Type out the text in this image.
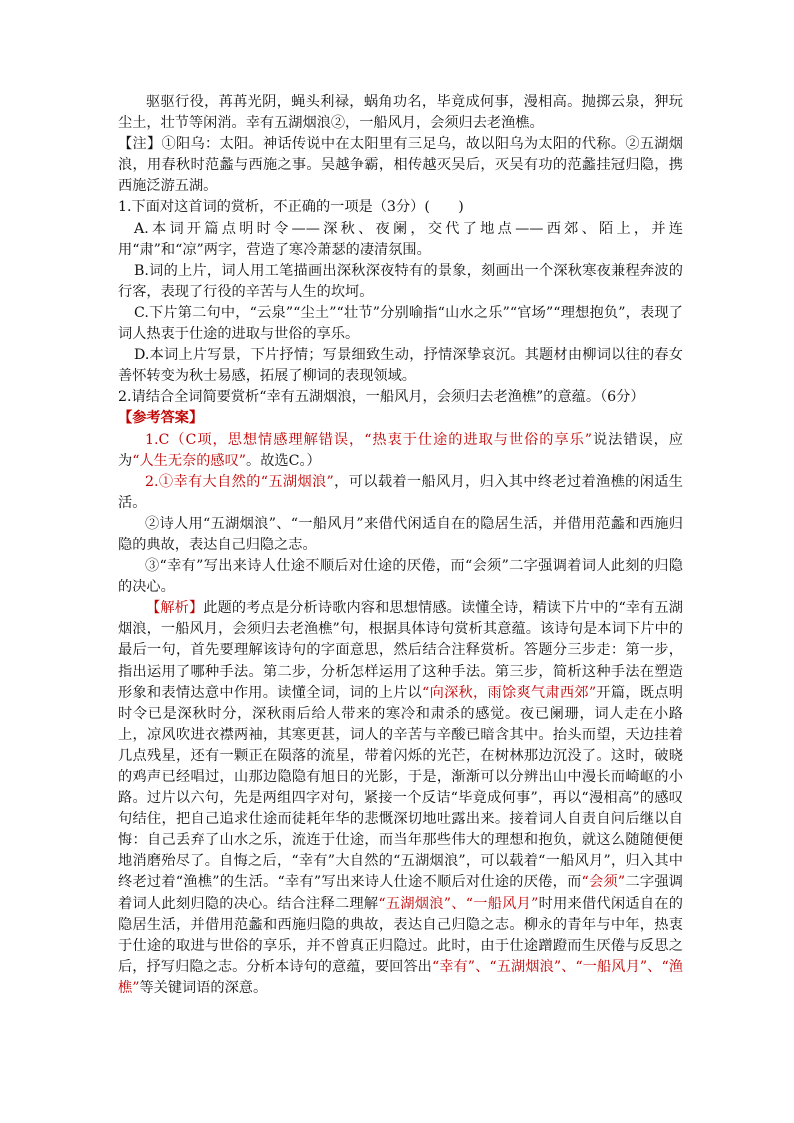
驱驱行役，苒苒光阴，蝇头利禄，蜗角功名，毕竟成何事，漫相高。抛掷云泉，狎玩尘土，壮节等闲消。幸有五湖烟浪②，一船风月，会须归去老渔樵。

【注】①阳乌：太阳。神话传说中在太阳里有三足乌，故以阳乌为太阳的代称。②五湖烟浪，用春秋时范蠡与西施之事。吴越争霸，相传越灭吴后，灭吴有功的范蠡挂冠归隐，携西施泛游五湖。

1.下面对这首词的赏析，不正确的一项是（3分）(　　)

A.本词开篇点明时令——深秋、夜阑，交代了地点——西郊、陌上，并连用“肃”和“凉”两字，营造了寒冷萧瑟的凄清氛围。

B.词的上片，词人用工笔描画出深秋深夜特有的景象，刻画出一个深秋寒夜兼程奔波的行客，表现了行役的辛苦与人生的坎坷。

C.下片第二句中，“云泉”“尘土”“壮节”分别喻指“山水之乐”“官场”“理想抱负”，表现了词人热衷于仕途的进取与世俗的享乐。

D.本词上片写景，下片抒情；写景细致生动，抒情深挚哀沉。其题材由柳词以往的春女善怀转变为秋士易感，拓展了柳词的表现领域。

2.请结合全词简要赏析“幸有五湖烟浪，一船风月，会须归去老渔樵”的意蕴。（6分）

【参考答案】

1.C（C项，思想情感理解错误，“热衷于仕途的进取与世俗的享乐”说法错误，应为“人生无奈的感叹”。故选C。）

2.①幸有大自然的“五湖烟浪”，可以载着一船风月，归入其中终老过着渔樵的闲适生活。

②诗人用“五湖烟浪”、“一船风月”来借代闲适自在的隐居生活，并借用范蠡和西施归隐的典故，表达自己归隐之志。

③“幸有”写出来诗人仕途不顺后对仕途的厌倦，而“会须”二字强调着词人此刻的归隐的决心。

【解析】此题的考点是分析诗歌内容和思想情感。读懂全诗，精读下片中的“幸有五湖烟浪，一船风月，会须归去老渔樵”句，根据具体诗句赏析其意蕴。该诗句是本词下片中的最后一句，首先要理解该诗句的字面意思，然后结合注释赏析。答题分三步走：第一步，指出运用了哪种手法。第二步，分析怎样运用了这种手法。第三步，简析这种手法在塑造形象和表情达意中作用。读懂全词，词的上片以“向深秋，雨馀爽气肃西郊”开篇，既点明时令已是深秋时分，深秋雨后给人带来的寒冷和肃杀的感觉。夜已阑珊，词人走在小路上，凉风吹进衣襟两袖，其寒更甚，词人的辛苦与辛酸已暗含其中。抬头而望，天边挂着几点残星，还有一颗正在陨落的流星，带着闪烁的光芒，在树林那边沉没了。这时，破晓的鸡声已经唱过，山那边隐隐有旭日的光影，于是，渐渐可以分辨出山中漫长而崎岖的小路。过片以六句，先是两组四字对句，紧接一个反诘“毕竟成何事”，再以“漫相高”的感叹句结住，把自己追求仕途而徒耗年华的悲慨深切地吐露出来。接着词人自责自问后继以自悔：自己丢弃了山水之乐，流连于仕途，而当年那些伟大的理想和抱负，就这么随随便便地消磨殆尽了。自悔之后，“幸有”大自然的“五湖烟浪”，可以载着“一船风月”，归入其中终老过着“渔樵”的生活。“幸有”写出来诗人仕途不顺后对仕途的厌倦，而“会须”二字强调着词人此刻归隐的决心。结合注释二理解“五湖烟浪”、“一船风月”时用来借代闲适自在的隐居生活，并借用范蠡和西施归隐的典故，表达自己归隐之志。柳永的青年与中年，热衷于仕途的取进与世俗的享乐，并不曾真正归隐过。此时，由于仕途蹭蹬而生厌倦与反思之后，抒写归隐之志。分析本诗句的意蕴，要回答出“幸有”、“五湖烟浪”、“一船风月”、“渔樵”等关键词语的深意。
